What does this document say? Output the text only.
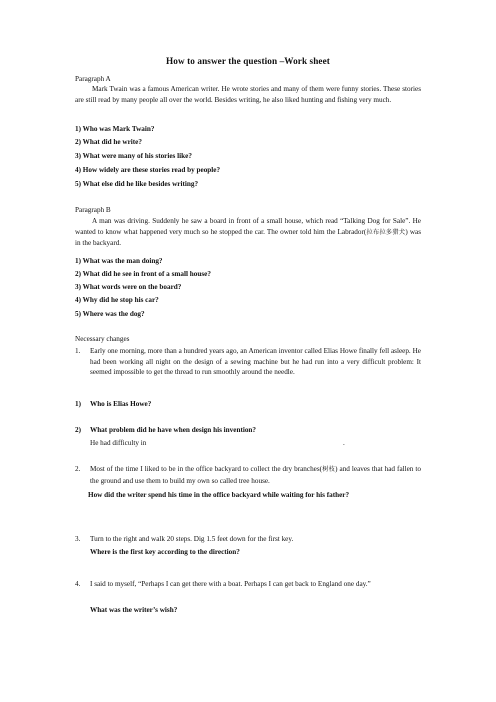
How to answer the question –Work sheet
Paragraph A
Mark Twain was a famous American writer. He wrote stories and many of them were funny stories. These stories are still read by many people all over the world. Besides writing, he also liked hunting and fishing very much.
1) Who was Mark Twain?
2) What did he write?
3) What were many of his stories like?
4) How widely are these stories read by people?
5) What else did he like besides writing?
Paragraph B
A man was driving. Suddenly he saw a board in front of a small house, which read “Talking Dog for Sale”. He wanted to know what happened very much so he stopped the car. The owner told him the Labrador(拉布拉多猎犬) was in the backyard.
1) What was the man doing?
2) What did he see in front of a small house?
3) What words were on the board?
4) Why did he stop his car?
5) Where was the dog?
Necessary changes
1. Early one morning, more than a hundred years ago, an American inventor called Elias Howe finally fell asleep. He had been working all night on the design of a sewing machine but he had run into a very difficult problem: It seemed impossible to get the thread to run smoothly around the needle.
1) Who is Elias Howe?
2) What problem did he have when design his invention?
He had difficulty in	.
2. Most of the time I liked to be in the office backyard to collect the dry branches(树枝) and leaves that had fallen to the ground and use them to build my own so called tree house.
How did the writer spend his time in the office backyard while waiting for his father?
3. Turn to the right and walk 20 steps. Dig 1.5 feet down for the first key.
Where is the first key according to the direction?
4. I said to myself, “Perhaps I can get there with a boat. Perhaps I can get back to England one day.”
What was the writer’s wish?
